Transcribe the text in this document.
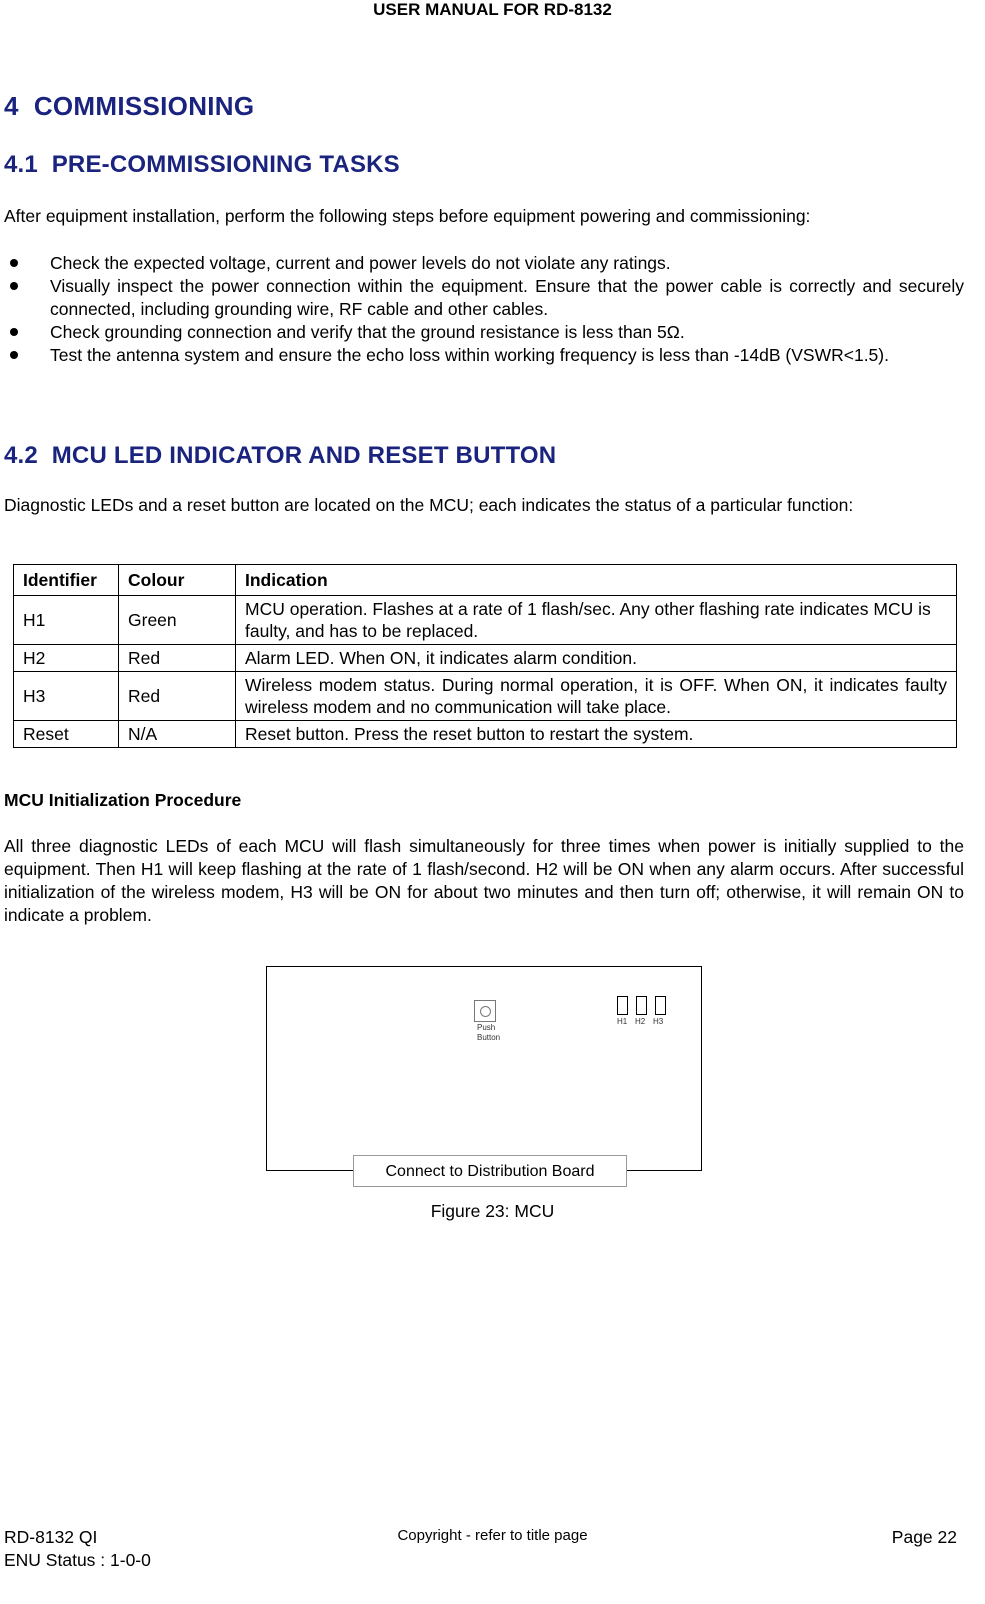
USER MANUAL FOR RD-8132
4 COMMISSIONING
4.1 PRE-COMMISSIONING TASKS
After equipment installation, perform the following steps before equipment powering and commissioning:
Check the expected voltage, current and power levels do not violate any ratings.
Visually inspect the power connection within the equipment. Ensure that the power cable is correctly and securely connected, including grounding wire, RF cable and other cables.
Check grounding connection and verify that the ground resistance is less than 5Ω.
Test the antenna system and ensure the echo loss within working frequency is less than -14dB (VSWR<1.5).
4.2 MCU LED INDICATOR AND RESET BUTTON
Diagnostic LEDs and a reset button are located on the MCU; each indicates the status of a particular function:
Identifier	Colour	Indication
H1	Green	MCU operation. Flashes at a rate of 1 flash/sec. Any other flashing rate indicates MCU is faulty, and has to be replaced.
H2	Red	Alarm LED. When ON, it indicates alarm condition.
H3	Red	Wireless modem status. During normal operation, it is OFF. When ON, it indicates faulty wireless modem and no communication will take place.
Reset	N/A	Reset button. Press the reset button to restart the system.
MCU Initialization Procedure
All three diagnostic LEDs of each MCU will flash simultaneously for three times when power is initially supplied to the equipment. Then H1 will keep flashing at the rate of 1 flash/second. H2 will be ON when any alarm occurs. After successful initialization of the wireless modem, H3 will be ON for about two minutes and then turn off; otherwise, it will remain ON to indicate a problem.
Push
Button
H1 H2 H3
Connect to Distribution Board
Figure 23: MCU
RD-8132 QI
ENU Status : 1-0-0
Copyright - refer to title page	Page 22
